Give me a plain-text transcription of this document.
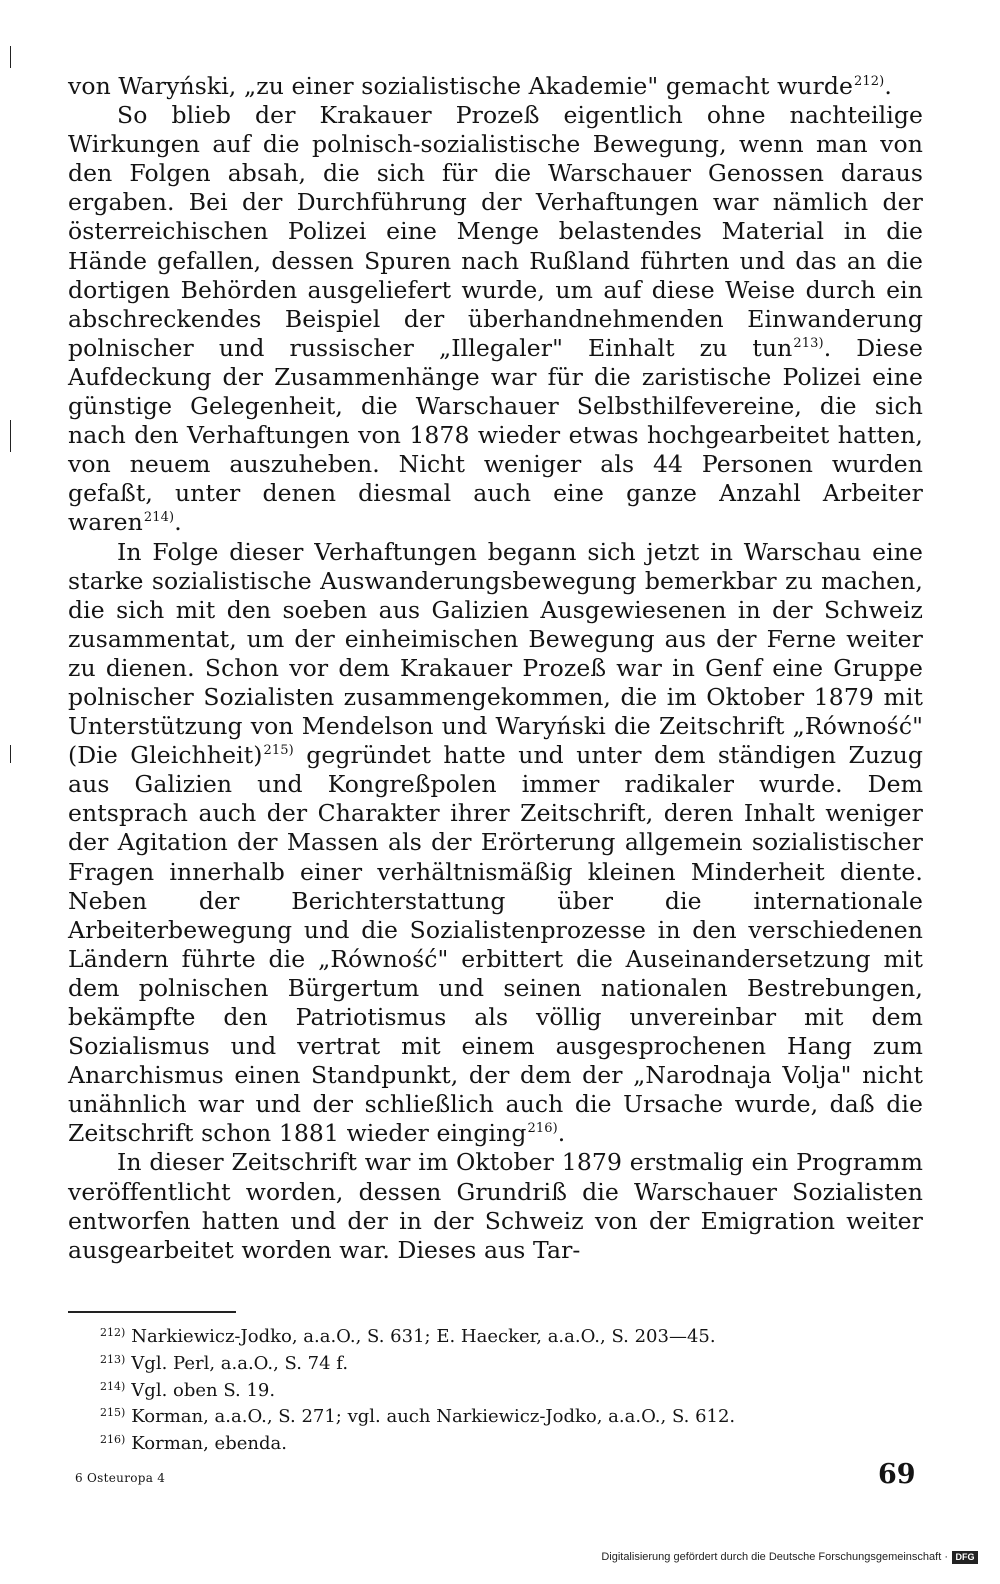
von Waryński, „zu einer sozialistische Akademie" gemacht wurde$^{212)}$.

So blieb der Krakauer Prozeß eigentlich ohne nachteilige Wirkungen auf die polnisch-sozialistische Bewegung, wenn man von den Folgen absah, die sich für die Warschauer Genossen daraus ergaben. Bei der Durchführung der Verhaftungen war nämlich der österreichischen Polizei eine Menge belastendes Material in die Hände gefallen, dessen Spuren nach Rußland führten und das an die dortigen Behörden ausgeliefert wurde, um auf diese Weise durch ein abschreckendes Beispiel der überhandnehmenden Einwanderung polnischer und russischer „Illegaler" Einhalt zu tun$^{213)}$. Diese Aufdeckung der Zusammenhänge war für die zaristische Polizei eine günstige Gelegenheit, die Warschauer Selbsthilfevereine, die sich nach den Verhaftungen von 1878 wieder etwas hochgearbeitet hatten, von neuem auszuheben. Nicht weniger als 44 Personen wurden gefaßt, unter denen diesmal auch eine ganze Anzahl Arbeiter waren$^{214)}$.

In Folge dieser Verhaftungen begann sich jetzt in Warschau eine starke sozialistische Auswanderungsbewegung bemerkbar zu machen, die sich mit den soeben aus Galizien Ausgewiesenen in der Schweiz zusammentat, um der einheimischen Bewegung aus der Ferne weiter zu dienen. Schon vor dem Krakauer Prozeß war in Genf eine Gruppe polnischer Sozialisten zusammengekommen, die im Oktober 1879 mit Unterstützung von Mendelson und Waryński die Zeitschrift „Równość" (Die Gleichheit)$^{215)}$ gegründet hatte und unter dem ständigen Zuzug aus Galizien und Kongreßpolen immer radikaler wurde. Dem entsprach auch der Charakter ihrer Zeitschrift, deren Inhalt weniger der Agitation der Massen als der Erörterung allgemein sozialistischer Fragen innerhalb einer verhältnismäßig kleinen Minderheit diente. Neben der Berichterstattung über die internationale Arbeiterbewegung und die Sozialistenprozesse in den verschiedenen Ländern führte die „Równość" erbittert die Auseinandersetzung mit dem polnischen Bürgertum und seinen nationalen Bestrebungen, bekämpfte den Patriotismus als völlig unvereinbar mit dem Sozialismus und vertrat mit einem ausgesprochenen Hang zum Anarchismus einen Standpunkt, der dem der „Narodnaja Volja" nicht unähnlich war und der schließlich auch die Ursache wurde, daß die Zeitschrift schon 1881 wieder einging$^{216)}$.

In dieser Zeitschrift war im Oktober 1879 erstmalig ein Programm veröffentlicht worden, dessen Grundriß die Warschauer Sozialisten entworfen hatten und der in der Schweiz von der Emigration weiter ausgearbeitet worden war. Dieses aus Tar-

$^{212)}$ Narkiewicz-Jodko, a.a.O., S. 631; E. Haecker, a.a.O., S. 203—45.
$^{213)}$ Vgl. Perl, a.a.O., S. 74 f.
$^{214)}$ Vgl. oben S. 19.
$^{215)}$ Korman, a.a.O., S. 271; vgl. auch Narkiewicz-Jodko, a.a.O., S. 612.
$^{216)}$ Korman, ebenda.
6 Osteuropa 4	69
Digitalisierung gefördert durch die Deutsche Forschungsgemeinschaft · DFG
